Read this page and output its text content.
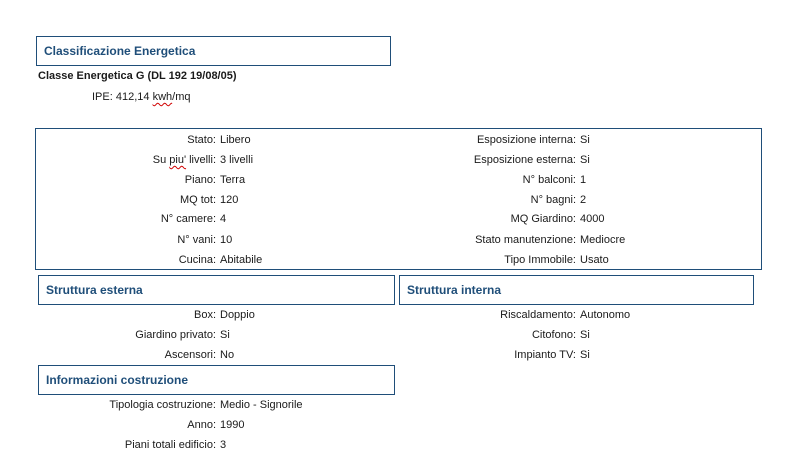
Classificazione Energetica
Classe Energetica G (DL 192 19/08/05)
IPE: 412,14 kwh/mq
Stato: Libero
Su piu' livelli: 3 livelli
Piano: Terra
MQ tot: 120
N° camere: 4
N° vani: 10
Cucina: Abitabile
Esposizione interna: Si
Esposizione esterna: Si
N° balconi: 1
N° bagni: 2
MQ Giardino: 4000
Stato manutenzione: Mediocre
Tipo Immobile: Usato
Struttura esterna
Box: Doppio
Giardino privato: Si
Ascensori: No
Struttura interna
Riscaldamento: Autonomo
Citofono: Si
Impianto TV: Si
Informazioni costruzione
Tipologia costruzione: Medio - Signorile
Anno: 1990
Piani totali edificio: 3
